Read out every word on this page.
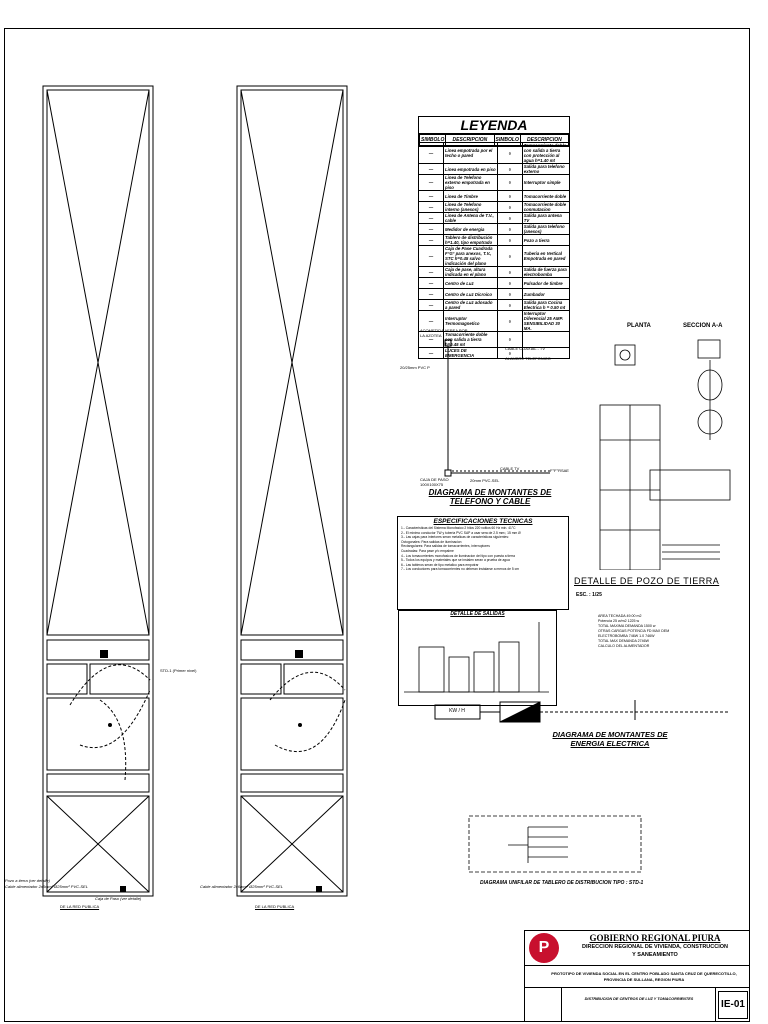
Pozo a tierra (ver detalle)
Cable alimentador 2x6mm² Ø25mm² PVC-SEL
Caja de Paso (ver detalle)
DE LA RED PUBLICA
STD-1 (Primer nivel)
Cable alimentador 2x6mm² Ø25mm² PVC-SEL
DE LA RED PUBLICA
LEYENDA
SIMBOLO	DESCRIPCION	SIMBOLO	DESCRIPCION
—	Linea empotrada por el techo o pared	◊	Tomacorriente doble con salida a tierra con protección al agua h=1.40 mt
—	Linea empotrada en piso	◊	Salida para telefono externo
—	Linea de Telefono externo empotrada en piso	◊	Interruptor simple
—	Linea de Timbre	◊	Tomacorriente doble
—	Linea de Telefono interno (anexos)	◊	Tomacorriente doble conmutacion
—	Linea de Antena de T.V., cable	◊	Salida para antena TV
—	Medidor de energia	◊	Salida para telefono (anexos)
—	Tablero de distribución h=1.40, tipo empotrado	◊	Pozo a tierra
—	Caja de Pase Cuadrada F°G° para anexos, T.V., STC h=0.45 salvo indicación del plano	◊	Tuberia en Vertical Empotrada en pared
—	Caja de pase, altura indicada en el plano	◊	Salida de fuerza para electrobomba
—	Centro de Luz	◊	Pulsador de timbre
—	Centro de Luz Dicroico	◊	Zumbador
—	Centro de Luz adosado a pared	◊	Salida para Cocina Electrica h = 0.50 mt
—	Interruptor Termomagnetico	◊	Interruptor Diferencial 25 AMP. SENSIBILIDAD 30 MA.
—	Tomacorriente doble con salida a tierra h=0.45 mt	◊	
—	LUCES DE EMERGENCIA	◊	
ACOMETIDA AEREA POR LA AZOTEA
CABLE COAXIAL - TV
ALAMBRE TELEFONICO
20/25mm PVC P
CAJA DE PASO 100X100X75
CABLE TV
20mm PVC-SEL
F°F°RSAE
DIAGRAMA DE MONTANTES DE TELEFONO Y CABLE
ESPECIFICACIONES TECNICAS
1.- Caracteristicas del Sistema Monofasico 2 hilos 220 voltios 60 Hz min. 41°C
2.- El minimo conductor TW y tuberia PVC SAP a usar sera de 2.5 mm², 15 mm Ø
3.- Las cajas para interiores seran metalicas de caracteristicas siguientes:
Octogonales: Para salidas de iluminacion
Rectangulares: Para salidas de tomacorrientes, interruptores
Cuadradas: Para pase y/o empalme
4.- Los tomacorrientes monofasicos de iluminacion del tipo con puesta a tierra
5.- Todos los equipos y materiales que se instalen seran a prueba de agua
6.- Las tableros seran de tipo metalico para empotrar
7.- Los conductores para tomacorrientes no deberan instalarse a menos de 5 cm
DETALLE DE SALIDAS	AREA TECHADA 49.00 m2
Potencia 25 w/m2 1225 w
TOTAL MAXIMA DEMANDA 1500 w
OTRAS CARGAS POTENCIA FD MAX DEM
ELECTROBOMBA 746W 1.0 746W
TOTAL MAX DEMANDA 2746W
CALCULO DEL ALIMENTADOR
KW / H
DIAGRAMA DE MONTANTES DE ENERGIA ELECTRICA
PLANTA	SECCION A-A
DETALLE DE POZO DE TIERRA
ESC. : 1/25
DIAGRAMA UNIFILAR DE TABLERO DE DISTRIBUCION TIPO : STD-1
P
GOBIERNO REGIONAL PIURA
DIRECCION REGIONAL DE VIVIENDA, CONSTRUCCION
Y SANEAMIENTO
PROTOTIPO DE VIVIENDA SOCIAL EN EL CENTRO POBLADO SANTA CRUZ DE QUERECOTILLO,
PROVINCIA DE SULLANA, REGION PIURA
DISTRIBUCION DE CENTROS DE LUZ Y TOMACORRIENTES	IE-01
